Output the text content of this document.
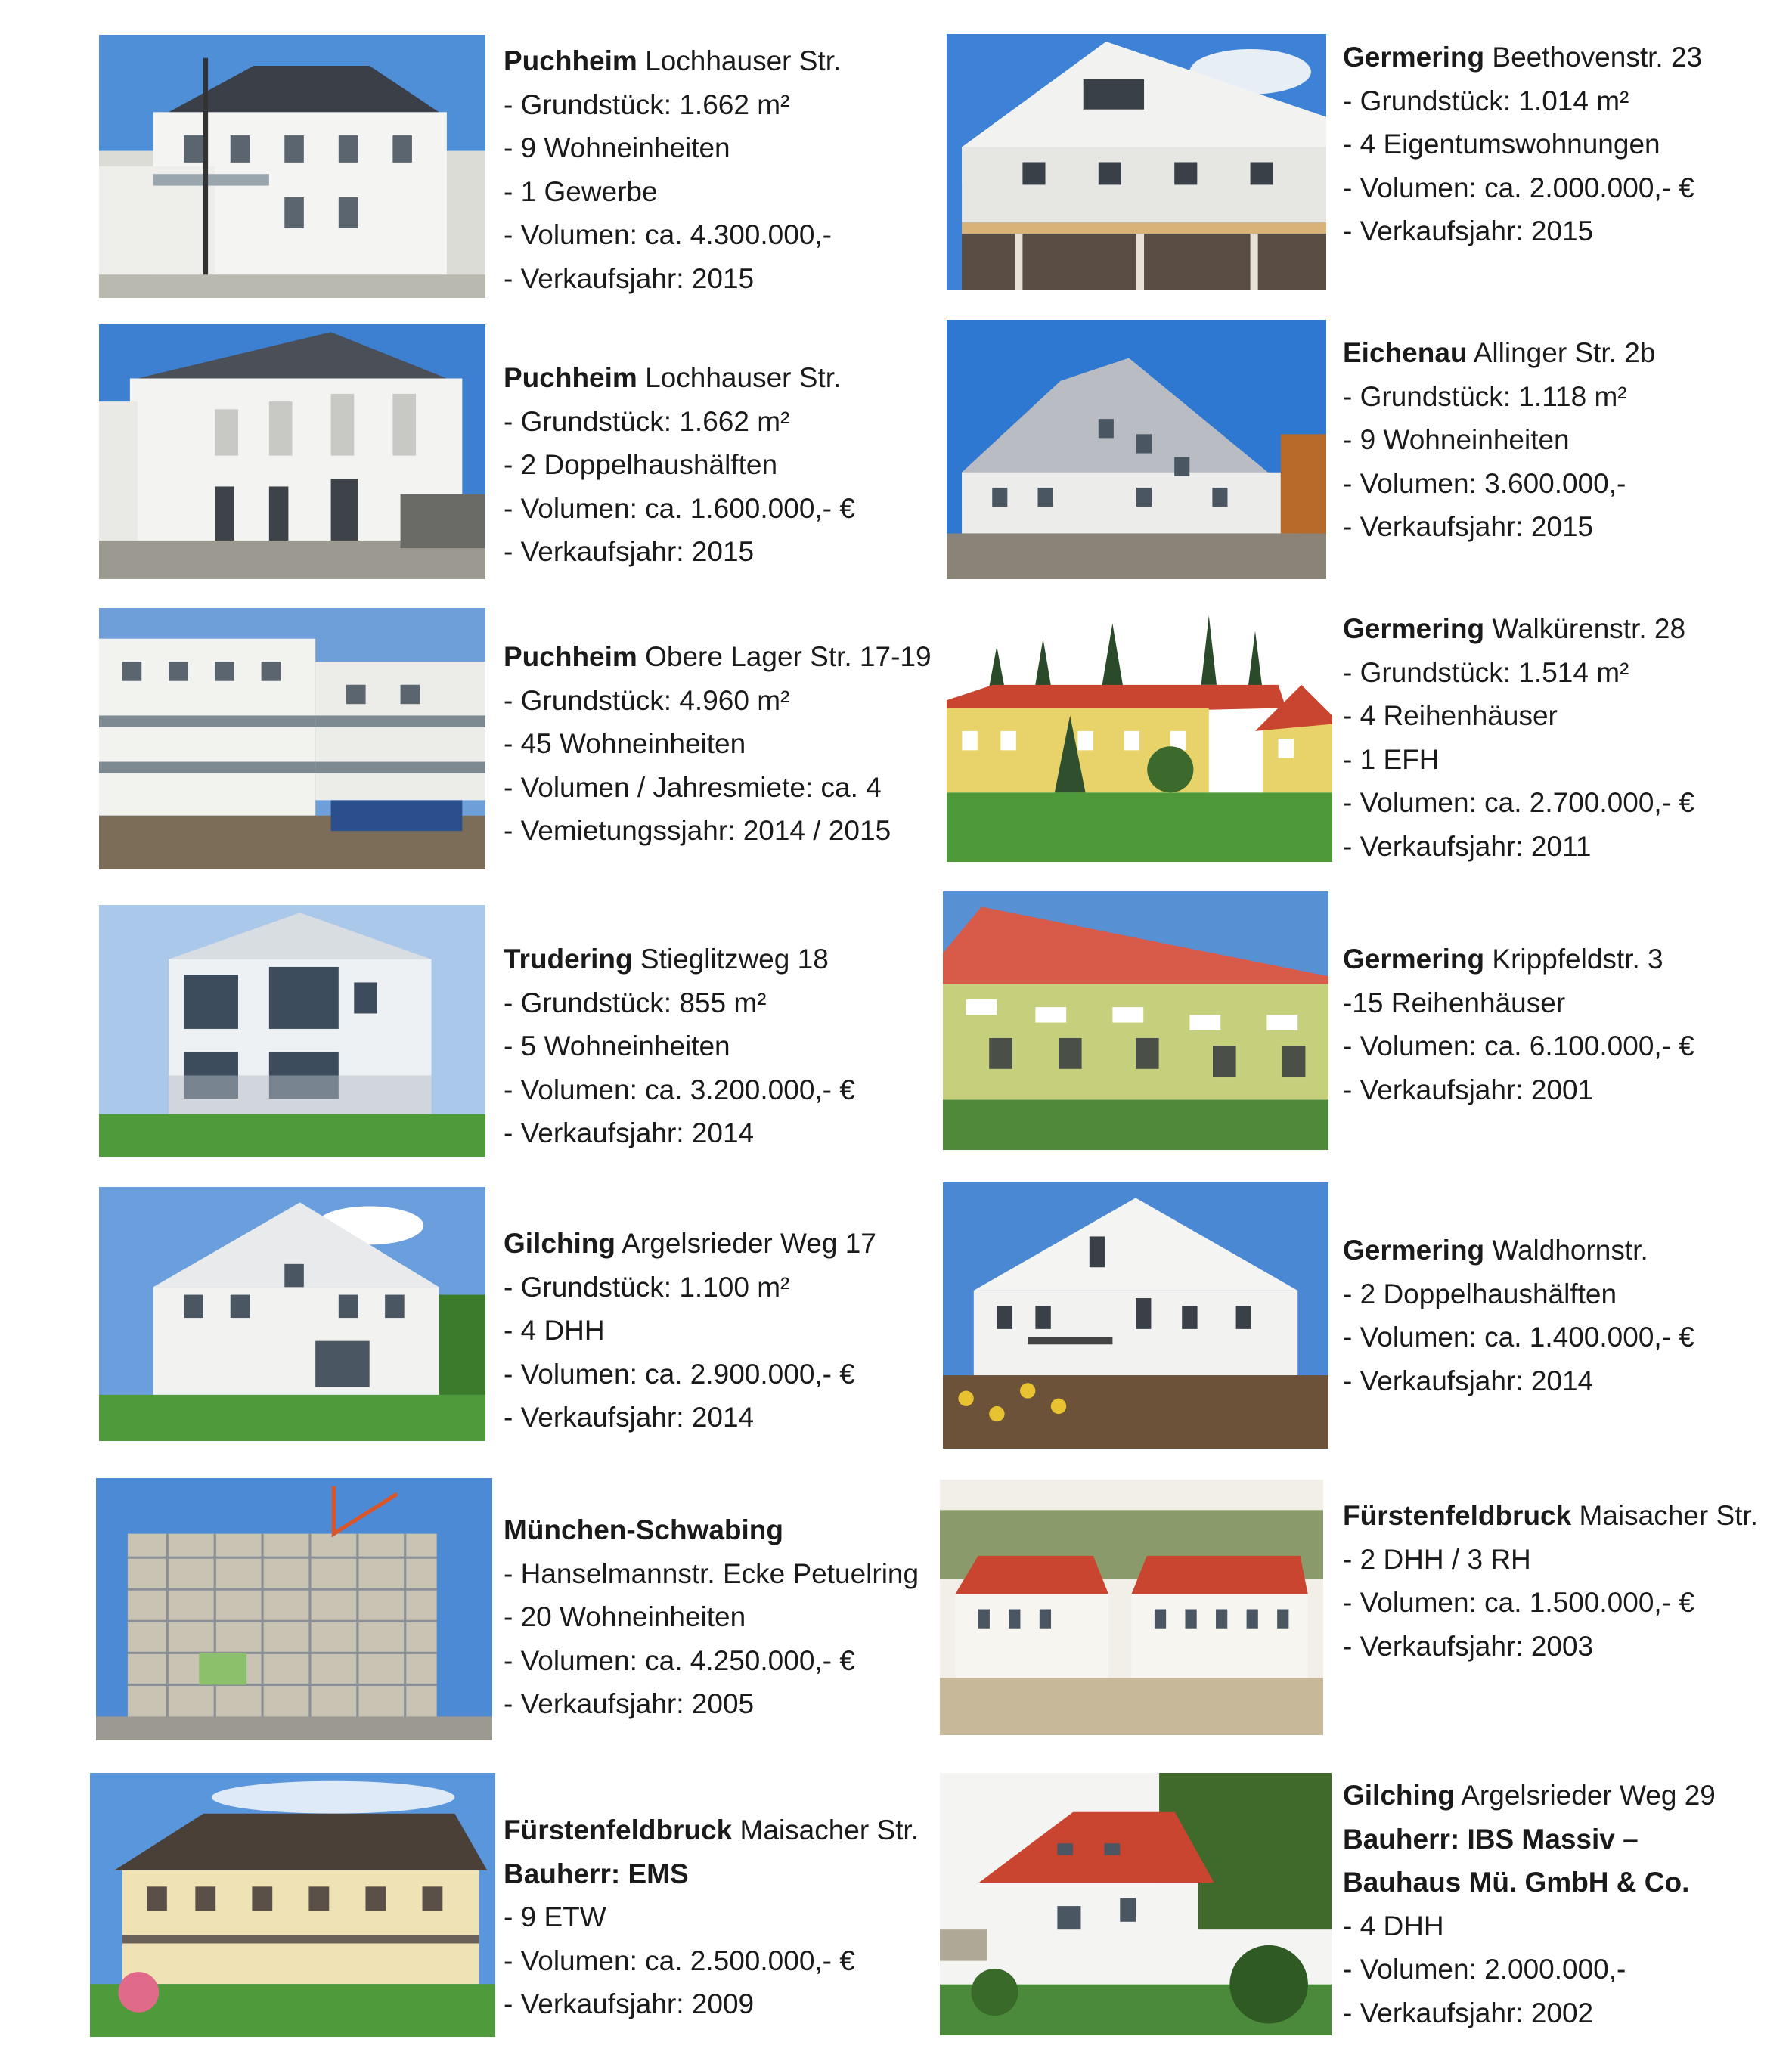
Puchheim Lochhauser Str.
- Grundstück: 1.662 m²
- 9 Wohneinheiten
- 1 Gewerbe
- Volumen: ca. 4.300.000,-
- Verkaufsjahr: 2015
Puchheim Lochhauser Str.
- Grundstück: 1.662 m²
- 2 Doppelhaushälften
- Volumen: ca. 1.600.000,- €
- Verkaufsjahr: 2015
Puchheim Obere Lager Str. 17-19
- Grundstück: 4.960 m²
- 45 Wohneinheiten
- Volumen / Jahresmiete: ca. 4
- Vemietungssjahr: 2014 / 2015
Trudering Stieglitzweg 18
- Grundstück: 855 m²
- 5 Wohneinheiten
- Volumen: ca. 3.200.000,- €
- Verkaufsjahr: 2014
Gilching Argelsrieder Weg 17
- Grundstück: 1.100 m²
- 4 DHH
- Volumen: ca. 2.900.000,- €
- Verkaufsjahr: 2014
München-Schwabing
- Hanselmannstr. Ecke Petuelring
- 20 Wohneinheiten
- Volumen: ca. 4.250.000,- €
- Verkaufsjahr: 2005
Fürstenfeldbruck Maisacher Str.
Bauherr: EMS
- 9 ETW
- Volumen: ca. 2.500.000,- €
- Verkaufsjahr: 2009
Germering Beethovenstr. 23
- Grundstück: 1.014 m²
- 4 Eigentumswohnungen
- Volumen: ca. 2.000.000,- €
- Verkaufsjahr: 2015
Eichenau Allinger Str. 2b
- Grundstück: 1.118 m²
- 9 Wohneinheiten
- Volumen: 3.600.000,-
- Verkaufsjahr: 2015
Germering Walkürenstr. 28
- Grundstück: 1.514 m²
- 4 Reihenhäuser
- 1 EFH
- Volumen: ca. 2.700.000,- €
- Verkaufsjahr: 2011
Germering Krippfeldstr. 3
-15 Reihenhäuser
- Volumen: ca. 6.100.000,- €
- Verkaufsjahr: 2001
Germering Waldhornstr.
- 2 Doppelhaushälften
- Volumen: ca. 1.400.000,- €
- Verkaufsjahr: 2014
Fürstenfeldbruck Maisacher Str.
- 2 DHH / 3 RH
- Volumen: ca. 1.500.000,- €
- Verkaufsjahr: 2003
Gilching Argelsrieder Weg 29
Bauherr: IBS Massiv –
Bauhaus Mü. GmbH & Co.
- 4 DHH
- Volumen: 2.000.000,-
- Verkaufsjahr: 2002
